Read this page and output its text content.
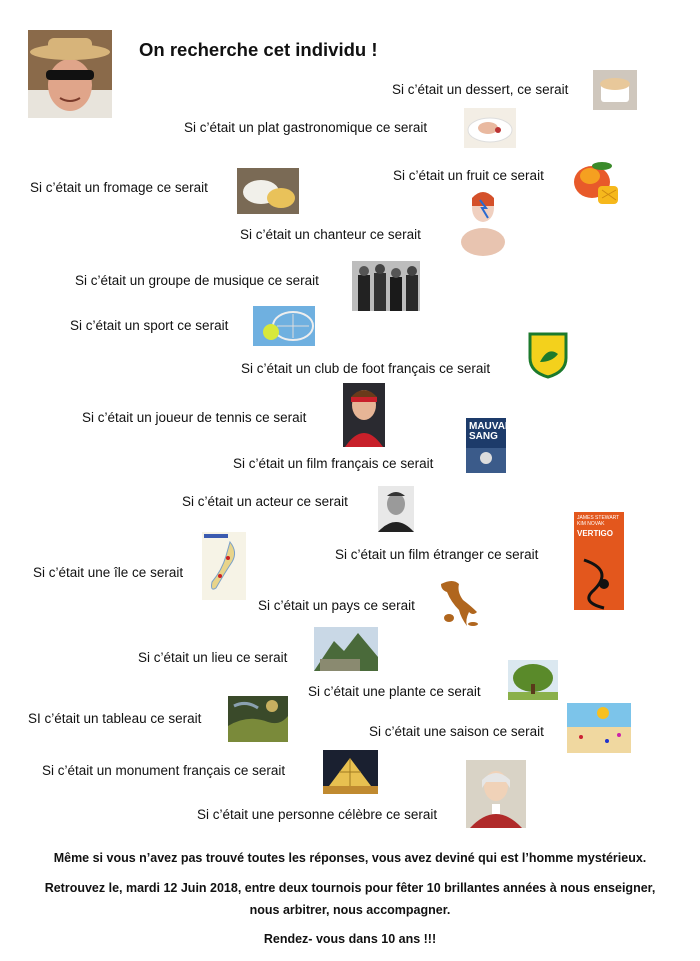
On recherche cet individu !
Si c’était un dessert, ce serait
Si c’était un plat gastronomique ce serait
Si c’était un fromage ce serait
Si c’était un fruit ce serait
Si c’était un chanteur ce serait
Si c’était un groupe de musique ce serait
Si c’était un sport ce serait
Si c’était un club de foot français ce serait
Si c’était un joueur de tennis ce serait
Si c’était un film français ce serait
MAUVAIS SANG
Si c’était un acteur ce serait
Si c’était un film étranger ce serait
JAMES STEWART KIM NOVAK
VERTIGO
Si c’était une île ce serait
Si c’était un pays ce serait
Si c’était un lieu ce serait
Si c’était une plante ce serait
SI c’était un tableau ce serait
Si c’était une saison ce serait
Si c’était un monument français ce serait
Si c’était une personne célèbre ce serait
Même si vous n’avez pas trouvé toutes les réponses, vous avez deviné qui est l’homme mystérieux.
Retrouvez le, mardi 12 Juin 2018, entre deux tournois pour fêter 10 brillantes années à nous enseigner,
nous arbitrer, nous accompagner.
Rendez- vous dans 10 ans !!!
